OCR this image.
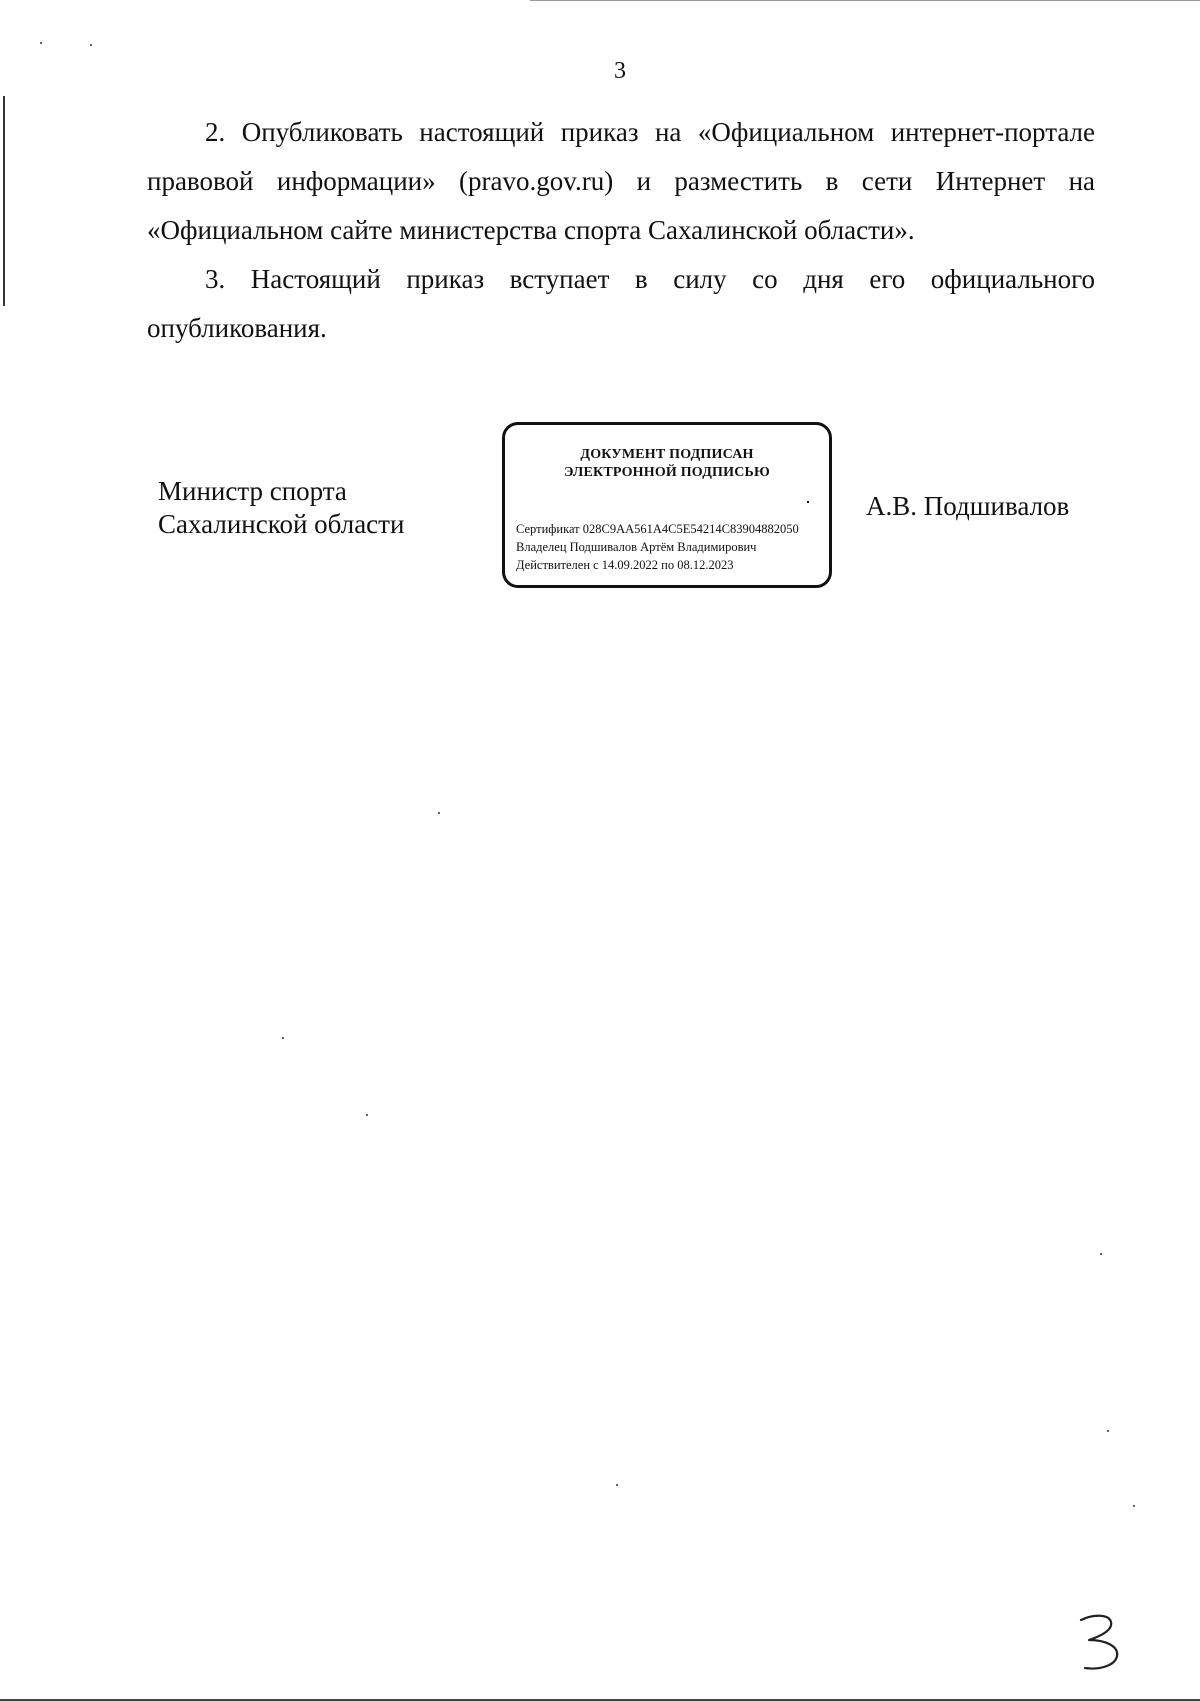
3

2. Опубликовать настоящий приказ на «Официальном интернет-портале правовой информации» (pravo.gov.ru) и разместить в сети Интернет на «Официальном сайте министерства спорта Сахалинской области».

3. Настоящий приказ вступает в силу со дня его официального опубликования.

Министр спорта
Сахалинской области
ДОКУМЕНТ ПОДПИСАН
ЭЛЕКТРОННОЙ ПОДПИСЬЮ
Сертификат 028C9AA561A4C5E54214C83904882050
Владелец Подшивалов Артём Владимирович
Действителен с 14.09.2022 по 08.12.2023
А.В. Подшивалов
